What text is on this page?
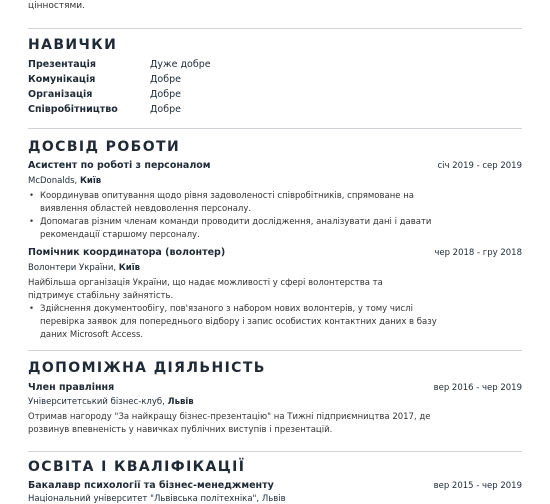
цінностями.
НАВИЧКИ
Презентація	Дуже добре
Комунікація	Добре
Організація	Добре
Співробітництво	Добре
ДОСВІД РОБОТИ
Асистент по роботі з персоналом	січ 2019 - сер 2019
McDonalds, Київ
• Координував опитування щодо рівня задоволеності співробітників, спрямоване на виявлення областей невдоволення персоналу.
• Допомагав різним членам команди проводити дослідження, аналізувати дані і давати рекомендації старшому персоналу.
Помічник координатора (волонтер)	чер 2018 - гру 2018
Волонтери України, Київ
Найбільша організація України, що надає можливості у сфері волонтерства та підтримує стабільну зайнятість.
• Здійснення документообігу, пов'язаного з набором нових волонтерів, у тому числі перевірка заявок для попереднього відбору і запис особистих контактних даних в базу даних Microsoft Access.
ДОПОМІЖНА ДІЯЛЬНІСТЬ
Член правління	вер 2016 - чер 2019
Університетський бізнес-клуб, Львів
Отримав нагороду "За найкращу бізнес-презентацію" на Тижні підприємництва 2017, де розвинув впевненість у навичках публічних виступів і презентацій.
ОСВІТА І КВАЛІФІКАЦІЇ
Бакалавр психології та бізнес-менеджменту	вер 2015 - чер 2019
Національний університет "Львівська політехніка", Львів
